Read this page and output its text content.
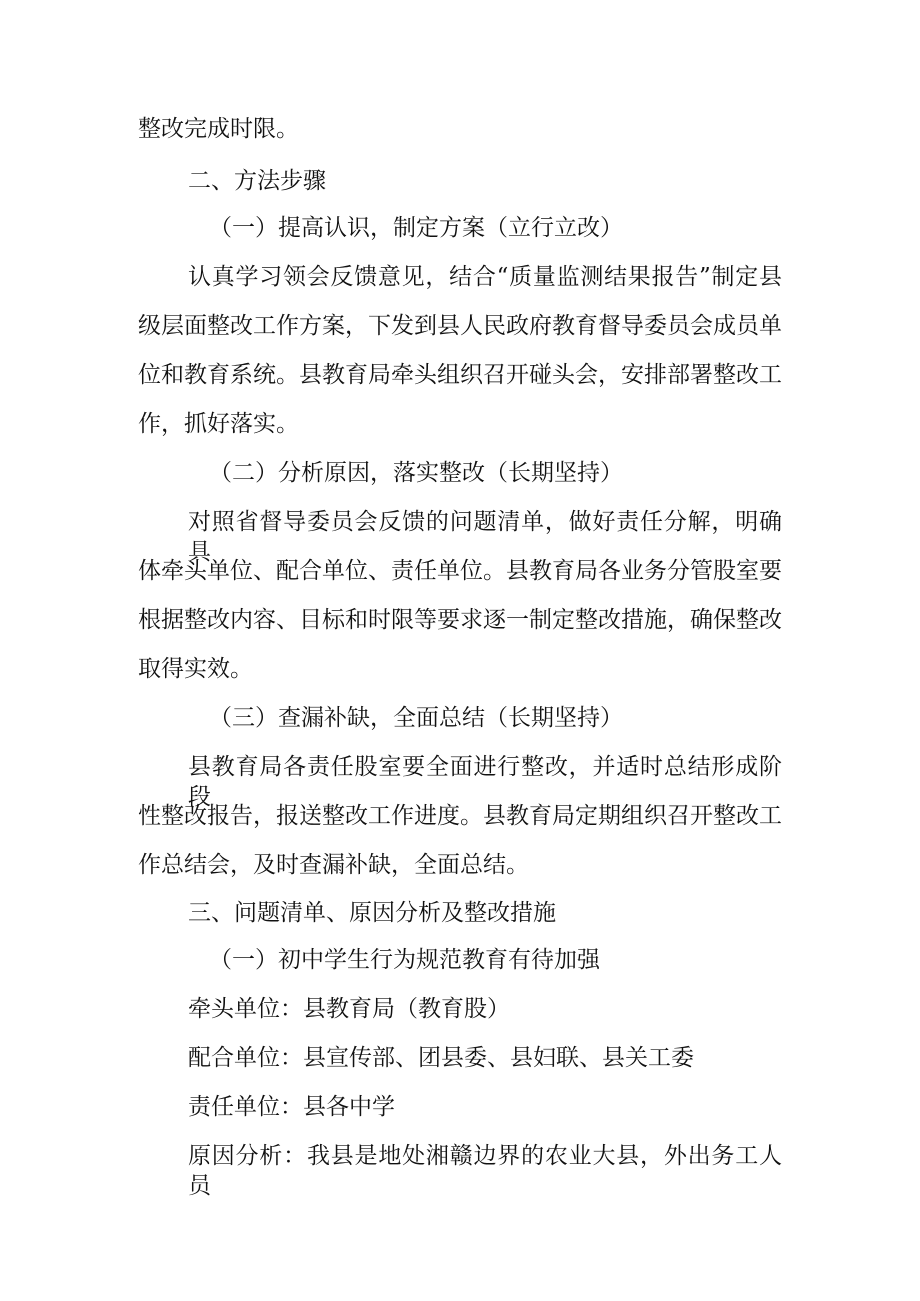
整改完成时限。
二、方法步骤
（一）提高认识，制定方案（立行立改）
认真学习领会反馈意见，结合“质量监测结果报告”制定县
级层面整改工作方案，下发到县人民政府教育督导委员会成员单
位和教育系统。县教育局牵头组织召开碰头会，安排部署整改工
作，抓好落实。
（二）分析原因，落实整改（长期坚持）
对照省督导委员会反馈的问题清单，做好责任分解，明确具
体牵头单位、配合单位、责任单位。县教育局各业务分管股室要
根据整改内容、目标和时限等要求逐一制定整改措施，确保整改
取得实效。
（三）查漏补缺，全面总结（长期坚持）
县教育局各责任股室要全面进行整改，并适时总结形成阶段
性整改报告，报送整改工作进度。县教育局定期组织召开整改工
作总结会，及时查漏补缺，全面总结。
三、问题清单、原因分析及整改措施
（一）初中学生行为规范教育有待加强
牵头单位：县教育局（教育股）
配合单位：县宣传部、团县委、县妇联、县关工委
责任单位：县各中学
原因分析：我县是地处湘赣边界的农业大县，外出务工人员
